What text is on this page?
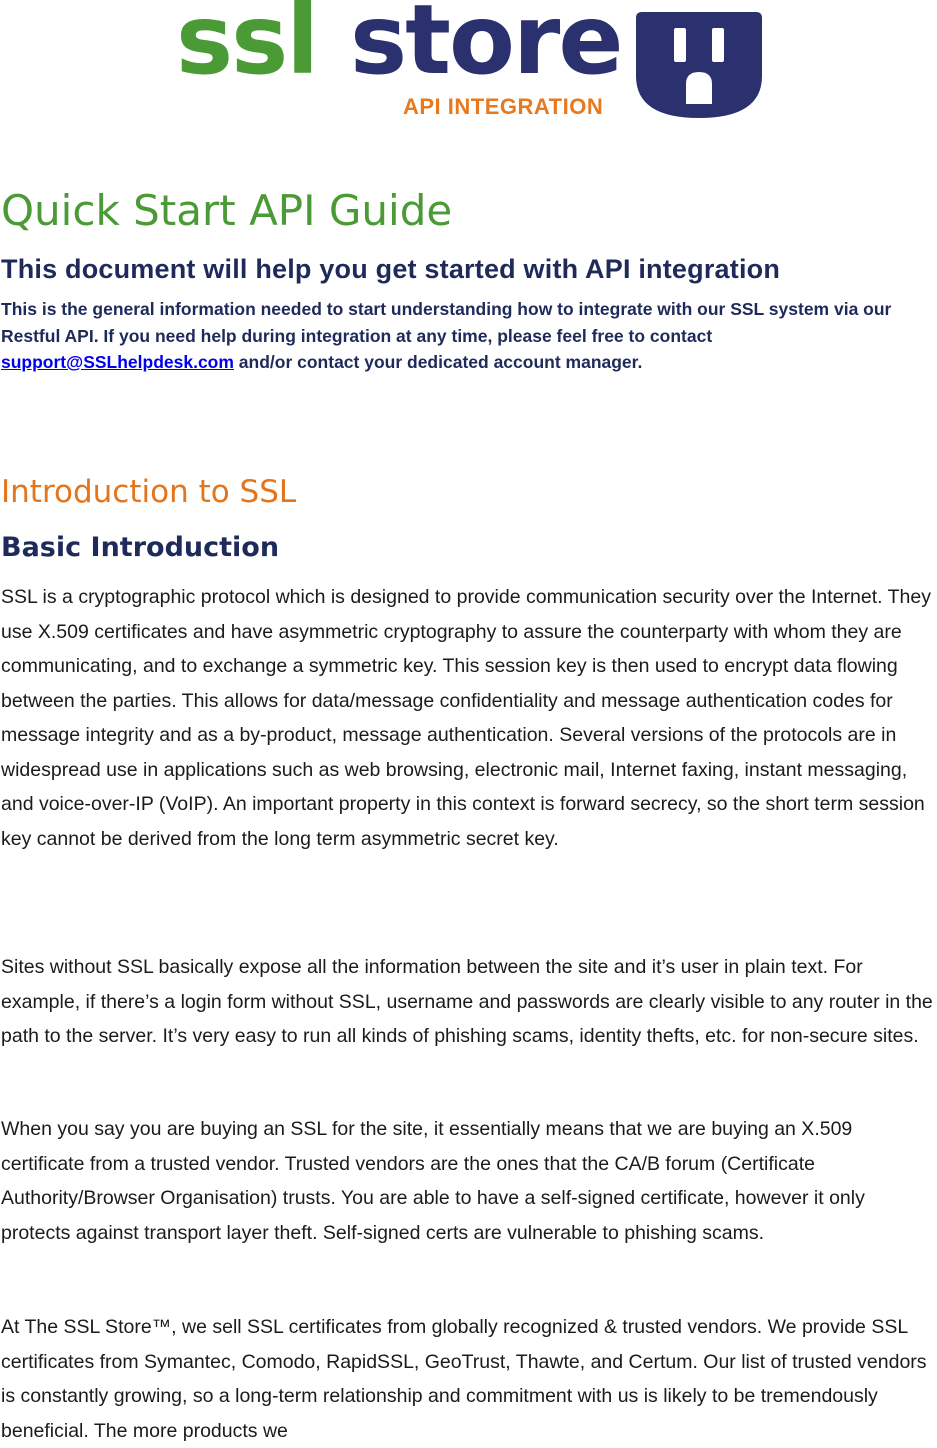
ssl store
API INTEGRATION
Quick Start API Guide
This document will help you get started with API integration

This is the general information needed to start understanding how to integrate with our SSL system via our Restful API. If you need help during integration at any time, please feel free to contact support@SSLhelpdesk.com and/or contact your dedicated account manager.

Introduction to SSL
Basic Introduction

SSL is a cryptographic protocol which is designed to provide communication security over the Internet. They use X.509 certificates and have asymmetric cryptography to assure the counterparty with whom they are communicating, and to exchange a symmetric key. This session key is then used to encrypt data flowing between the parties. This allows for data/message confidentiality and message authentication codes for message integrity and as a by-product, message authentication. Several versions of the protocols are in widespread use in applications such as web browsing, electronic mail, Internet faxing, instant messaging, and voice-over-IP (VoIP). An important property in this context is forward secrecy, so the short term session key cannot be derived from the long term asymmetric secret key.

Sites without SSL basically expose all the information between the site and it’s user in plain text. For example, if there’s a login form without SSL, username and passwords are clearly visible to any router in the path to the server. It’s very easy to run all kinds of phishing scams, identity thefts, etc. for non-secure sites.

When you say you are buying an SSL for the site, it essentially means that we are buying an X.509 certificate from a trusted vendor. Trusted vendors are the ones that the CA/B forum (Certificate Authority/Browser Organisation) trusts. You are able to have a self-signed certificate, however it only protects against transport layer theft. Self-signed certs are vulnerable to phishing scams.

At The SSL Store™, we sell SSL certificates from globally recognized & trusted vendors. We provide SSL certificates from Symantec, Comodo, RapidSSL, GeoTrust, Thawte, and Certum. Our list of trusted vendors is constantly growing, so a long-term relationship and commitment with us is likely to be tremendously beneficial. The more products we
